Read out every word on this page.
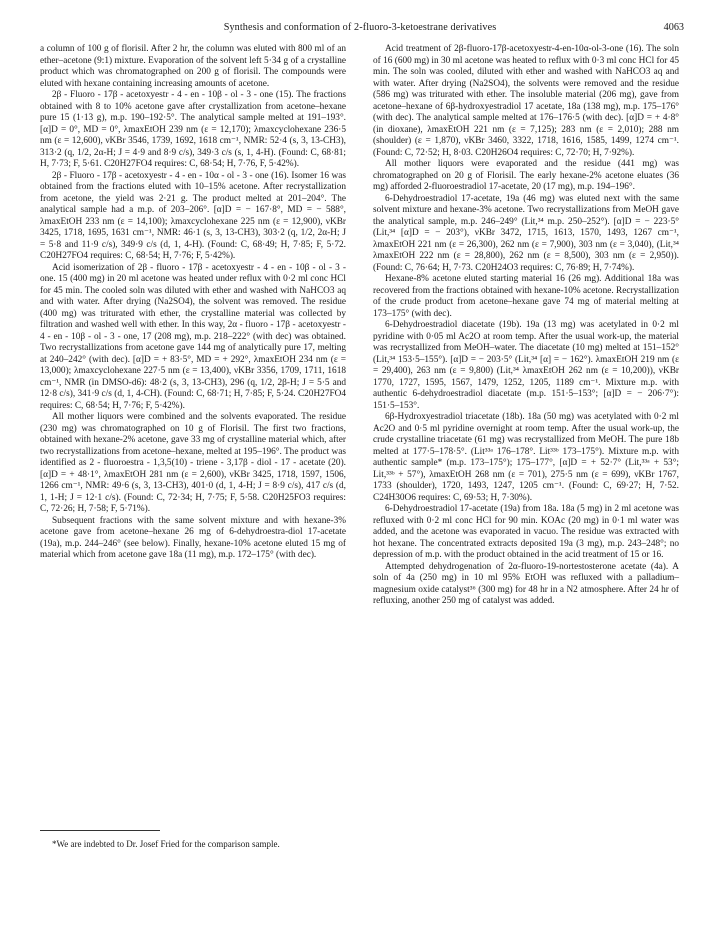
Synthesis and conformation of 2-fluoro-3-ketoestrane derivatives	4063

a column of 100 g of florisil. After 2 hr, the column was eluted with 800 ml of an ether–acetone (9:1) mixture. Evaporation of the solvent left 5·34 g of a crystalline product which was chromatographed on 200 g of florisil. The compounds were eluted with hexane containing increasing amounts of acetone.

2β - Fluoro - 17β - acetoxyestr - 4 - en - 10β - ol - 3 - one (15). The fractions obtained with 8 to 10% acetone gave after crystallization from acetone–hexane pure 15 (1·13 g), m.p. 190–192·5°. The analytical sample melted at 191–193°. [α]D = 0°, MD = 0°, λmaxEtOH 239 nm (ε = 12,170); λmaxcyclohexane 236·5 nm (ε = 12,600), νKBr 3546, 1739, 1692, 1618 cm⁻¹, NMR: 52·4 (s, 3, 13-CH3), 313·2 (q, 1/2, 2α-H; J = 4·9 and 8·9 c/s), 349·3 c/s (s, 1, 4-H). (Found: C, 68·81; H, 7·73; F, 5·61. C20H27FO4 requires: C, 68·54; H, 7·76, F, 5·42%).

2β - Fluoro - 17β - acetoxyestr - 4 - en - 10α - ol - 3 - one (16). Isomer 16 was obtained from the fractions eluted with 10–15% acetone. After recrystallization from acetone, the yield was 2·21 g. The product melted at 201–204°. The analytical sample had a m.p. of 203–206°. [α]D = − 167·8°, MD = − 588°, λmaxEtOH 233 nm (ε = 14,100); λmaxcyclohexane 225 nm (ε = 12,900), νKBr 3425, 1718, 1695, 1631 cm⁻¹, NMR: 46·1 (s, 3, 13-CH3), 303·2 (q, 1/2, 2α-H; J = 5·8 and 11·9 c/s), 349·9 c/s (d, 1, 4-H). (Found: C, 68·49; H, 7·85; F, 5·72. C20H27FO4 requires: C, 68·54; H, 7·76; F, 5·42%).

Acid isomerization of 2β - fluoro - 17β - acetoxyestr - 4 - en - 10β - ol - 3 - one. 15 (400 mg) in 20 ml acetone was heated under reflux with 0·2 ml conc HCl for 45 min. The cooled soln was diluted with ether and washed with NaHCO3 aq and with water. After drying (Na2SO4), the solvent was removed. The residue (400 mg) was triturated with ether, the crystalline material was collected by filtration and washed well with ether. In this way, 2α - fluoro - 17β - acetoxyestr - 4 - en - 10β - ol - 3 - one, 17 (208 mg), m.p. 218–222° (with dec) was obtained. Two recrystallizations from acetone gave 144 mg of analytically pure 17, melting at 240–242° (with dec). [α]D = + 83·5°, MD = + 292°, λmaxEtOH 234 nm (ε = 13,000); λmaxcyclohexane 227·5 nm (ε = 13,400), νKBr 3356, 1709, 1711, 1618 cm⁻¹, NMR (in DMSO-d6): 48·2 (s, 3, 13-CH3), 296 (q, 1/2, 2β-H; J = 5·5 and 12·8 c/s), 341·9 c/s (d, 1, 4-CH). (Found: C, 68·71; H, 7·85; F, 5·24. C20H27FO4 requires: C, 68·54; H, 7·76; F, 5·42%).

All mother liquors were combined and the solvents evaporated. The residue (230 mg) was chromatographed on 10 g of Florisil. The first two fractions, obtained with hexane-2% acetone, gave 33 mg of crystalline material which, after two recrystallizations from acetone–hexane, melted at 195–196°. The product was identified as 2 - fluoroestra - 1,3,5(10) - triene - 3,17β - diol - 17 - acetate (20). [α]D = + 48·1°, λmaxEtOH 281 nm (ε = 2,600), νKBr 3425, 1718, 1597, 1506, 1266 cm⁻¹, NMR: 49·6 (s, 3, 13-CH3), 401·0 (d, 1, 4-H; J = 8·9 c/s), 417 c/s (d, 1, 1-H; J = 12·1 c/s). (Found: C, 72·34; H, 7·75; F, 5·58. C20H25FO3 requires: C, 72·26; H, 7·58; F, 5·71%).

Subsequent fractions with the same solvent mixture and with hexane-3% acetone gave from acetone–hexane 26 mg of 6-dehydroestra-diol 17-acetate (19a), m.p. 244–246° (see below). Finally, hexane-10% acetone eluted 15 mg of material which from acetone gave 18a (11 mg), m.p. 172–175° (with dec).

*We are indebted to Dr. Josef Fried for the comparison sample.

Acid treatment of 2β-fluoro-17β-acetoxyestr-4-en-10α-ol-3-one (16). The soln of 16 (600 mg) in 30 ml acetone was heated to reflux with 0·3 ml conc HCl for 45 min. The soln was cooled, diluted with ether and washed with NaHCO3 aq and with water. After drying (Na2SO4), the solvents were removed and the residue (586 mg) was triturated with ether. The insoluble material (206 mg), gave from acetone–hexane of 6β-hydroxyestradiol 17 acetate, 18a (138 mg), m.p. 175–176° (with dec). The analytical sample melted at 176–176·5 (with dec). [α]D = + 4·8° (in dioxane), λmaxEtOH 221 nm (ε = 7,125); 283 nm (ε = 2,010); 288 nm (shoulder) (ε = 1,870), νKBr 3460, 3322, 1718, 1616, 1585, 1499, 1274 cm⁻¹. (Found: C, 72·52; H, 8·03. C20H26O4 requires: C, 72·70; H, 7·92%).

All mother liquors were evaporated and the residue (441 mg) was chromatographed on 20 g of Florisil. The early hexane-2% acetone eluates (36 mg) afforded 2-fluoroestradiol 17-acetate, 20 (17 mg), m.p. 194–196°.

6-Dehydroestradiol 17-acetate, 19a (46 mg) was eluted next with the same solvent mixture and hexane-3% acetone. Two recrystallizations from MeOH gave the analytical sample, m.p. 246–249° (Lit,³⁴ m.p. 250–252°). [α]D = − 223·5° (Lit,³⁴ [α]D = − 203°), νKBr 3472, 1715, 1613, 1570, 1493, 1267 cm⁻¹, λmaxEtOH 221 nm (ε = 26,300), 262 nm (ε = 7,900), 303 nm (ε = 3,040), (Lit,³⁴ λmaxEtOH 222 nm (ε = 28,800), 262 nm (ε = 8,500), 303 nm (ε = 2,950)). (Found: C, 76·64; H, 7·73. C20H24O3 requires: C, 76·89; H, 7·74%).

Hexane-8% acetone eluted starting material 16 (26 mg). Additional 18a was recovered from the fractions obtained with hexane-10% acetone. Recrystallization of the crude product from acetone–hexane gave 74 mg of material melting at 173–175° (with dec).

6-Dehydroestradiol diacetate (19b). 19a (13 mg) was acetylated in 0·2 ml pyridine with 0·05 ml Ac2O at room temp. After the usual work-up, the material was recrystallized from MeOH–water. The diacetate (10 mg) melted at 151–152° (Lit,³⁴ 153·5–155°). [α]D = − 203·5° (Lit,³⁴ [α] = − 162°). λmaxEtOH 219 nm (ε = 29,400), 263 nm (ε = 9,800) (Lit,³⁴ λmaxEtOH 262 nm (ε = 10,200)), νKBr 1770, 1727, 1595, 1567, 1479, 1252, 1205, 1189 cm⁻¹. Mixture m.p. with authentic 6-dehydroestradiol diacetate (m.p. 151·5–153°; [α]D = − 206·7°): 151·5–153°.

6β-Hydroxyestradiol triacetate (18b). 18a (50 mg) was acetylated with 0·2 ml Ac2O and 0·5 ml pyridine overnight at room temp. After the usual work-up, the crude crystalline triacetate (61 mg) was recrystallized from MeOH. The pure 18b melted at 177·5–178·5°. (Lit³³ᵃ 176–178°. Lit³³ᵇ 173–175°). Mixture m.p. with authentic sample* (m.p. 173–175°); 175–177°, [α]D = + 52·7° (Lit,³³ᵃ + 53°; Lit,³³ᵇ + 57°), λmaxEtOH 268 nm (ε = 701), 275·5 nm (ε = 699), νKBr 1767, 1733 (shoulder), 1720, 1493, 1247, 1205 cm⁻¹. (Found: C, 69·27; H, 7·52. C24H30O6 requires: C, 69·53; H, 7·30%).

6-Dehydroestradiol 17-acetate (19a) from 18a. 18a (5 mg) in 2 ml acetone was refluxed with 0·2 ml conc HCl for 90 min. KOAc (20 mg) in 0·1 ml water was added, and the acetone was evaporated in vacuo. The residue was extracted with hot hexane. The concentrated extracts deposited 19a (3 mg), m.p. 243–248°; no depression of m.p. with the product obtained in the acid treatment of 15 or 16.

Attempted dehydrogenation of 2α-fluoro-19-nortestosterone acetate (4a). A soln of 4a (250 mg) in 10 ml 95% EtOH was refluxed with a palladium–magnesium oxide catalyst³⁶ (300 mg) for 48 hr in a N2 atmosphere. After 24 hr of refluxing, another 250 mg of catalyst was added.
